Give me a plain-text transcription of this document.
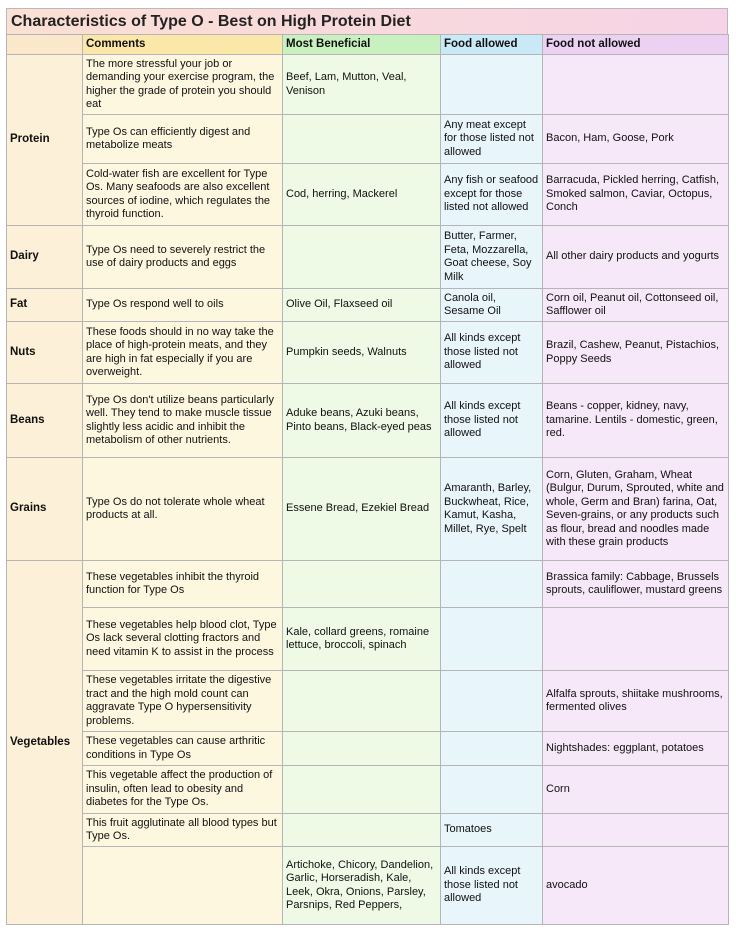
Characteristics of Type O - Best on High Protein Diet
	Comments	Most Beneficial	Food allowed	Food not allowed
Protein	The more stressful your job or demanding your exercise program, the higher the grade of protein you should eat	Beef, Lam, Mutton, Veal, Venison		
	Type Os can efficiently digest and metabolize meats		Any meat except for those listed not allowed	Bacon, Ham, Goose, Pork
	Cold-water fish are excellent for Type Os. Many seafoods are also excellent sources of iodine, which regulates the thyroid function.	Cod, herring, Mackerel	Any fish or seafood except for those listed not allowed	Barracuda, Pickled herring, Catfish, Smoked salmon, Caviar, Octopus, Conch
Dairy	Type Os need to severely restrict the use of dairy products and eggs		Butter, Farmer, Feta, Mozzarella, Goat cheese, Soy Milk	All other dairy products and yogurts
Fat	Type Os respond well to oils	Olive Oil, Flaxseed oil	Canola oil, Sesame Oil	Corn oil, Peanut oil, Cottonseed oil, Safflower oil
Nuts	These foods should in no way take the place of high-protein meats, and they are high in fat especially if you are overweight.	Pumpkin seeds, Walnuts	All kinds except those listed not allowed	Brazil, Cashew, Peanut, Pistachios, Poppy Seeds
Beans	Type Os don't utilize beans particularly well. They tend to make muscle tissue slightly less acidic and inhibit the metabolism of other nutrients.	Aduke beans, Azuki beans, Pinto beans, Black-eyed peas	All kinds except those listed not allowed	Beans - copper, kidney, navy, tamarine. Lentils - domestic, green, red.
Grains	Type Os do not tolerate whole wheat products at all.	Essene Bread, Ezekiel Bread	Amaranth, Barley, Buckwheat, Rice, Kamut, Kasha, Millet, Rye, Spelt	Corn, Gluten, Graham, Wheat (Bulgur, Durum, Sprouted, white and whole, Germ and Bran) farina, Oat, Seven-grains, or any products such as flour, bread and noodles made with these grain products
Vegetables	These vegetables inhibit the thyroid function for Type Os			Brassica family: Cabbage, Brussels sprouts, cauliflower, mustard greens
	These vegetables help blood clot, Type Os lack several clotting fractors and need vitamin K to assist in the process	Kale, collard greens, romaine lettuce, broccoli, spinach		
	These vegetables irritate the digestive tract and the high mold count can aggravate Type O hypersensitivity problems.			Alfalfa sprouts, shiitake mushrooms, fermented olives
	These vegetables can cause arthritic conditions in Type Os			Nightshades: eggplant, potatoes
	This vegetable affect the production of insulin, often lead to obesity and diabetes for the Type Os.			Corn
	This fruit agglutinate all blood types but Type Os.		Tomatoes	
		Artichoke, Chicory, Dandelion, Garlic, Horseradish, Kale, Leek, Okra, Onions, Parsley, Parsnips, Red Peppers,	All kinds except those listed not allowed	avocado
